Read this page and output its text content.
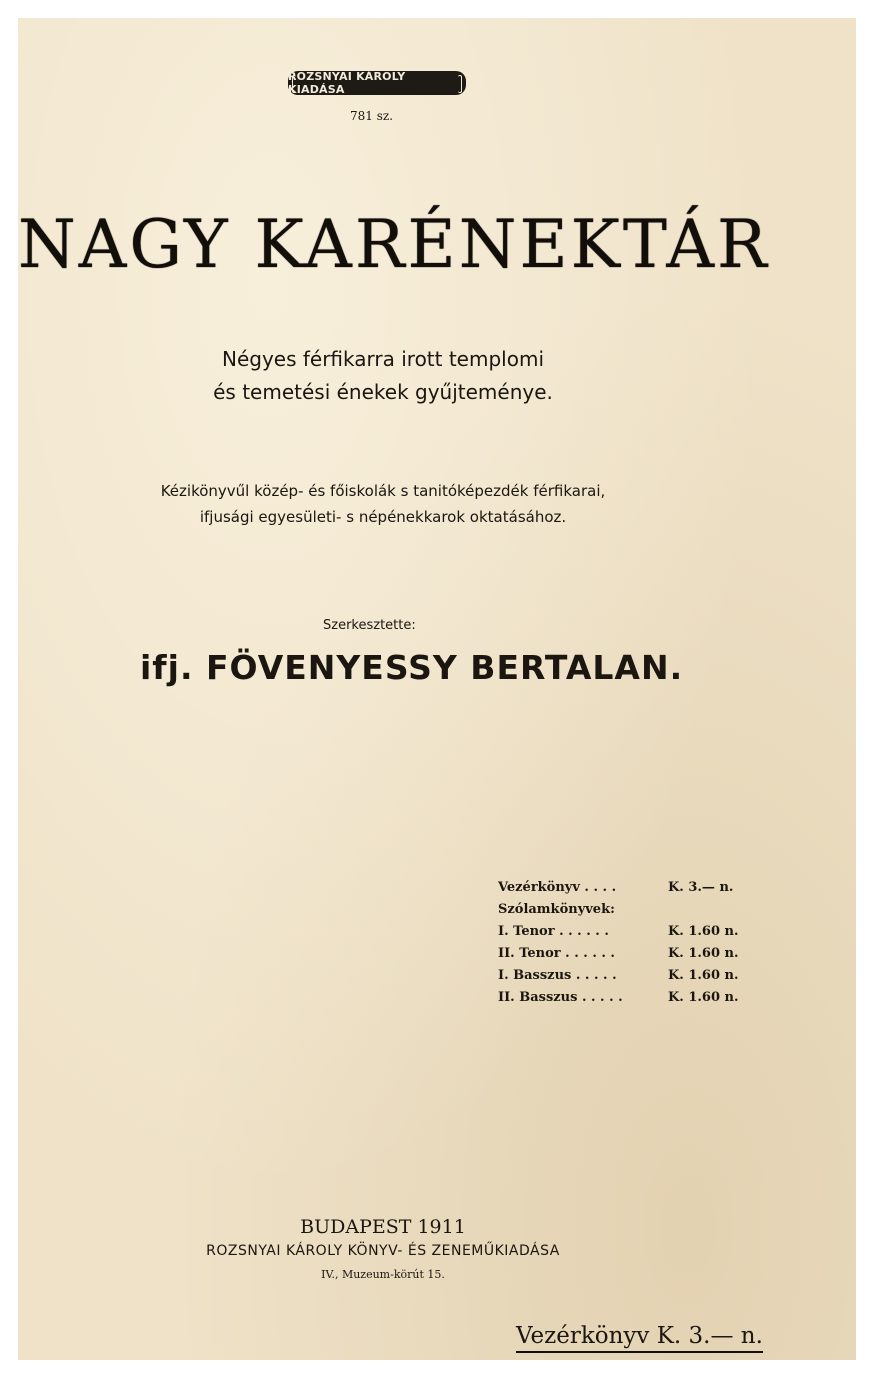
ROZSNYAI KÁROLY KIADÁSA
781 sz.
NAGY KARÉNEKTÁR
Négyes férfikarra irott templomi
és temetési énekek gyűjteménye.
Kézikönyvűl közép- és főiskolák s tanitóképezdék férfikarai,
ifjusági egyesületi- s népénekkarok oktatásához.
Szerkesztette:
ifj. FÖVENYESSY BERTALAN.
Vezérkönyv . . . .	K. 3.— n.
Szólamkönyvek:
I. Tenor . . . . . .	K. 1.60 n.
II. Tenor . . . . . .	K. 1.60 n.
I. Basszus . . . . .	K. 1.60 n.
II. Basszus . . . . .	K. 1.60 n.
BUDAPEST 1911
ROZSNYAI KÁROLY KÖNYV- ÉS ZENEMŰKIADÁSA
IV., Muzeum-körút 15.
Vezérkönyv K. 3.— n.
